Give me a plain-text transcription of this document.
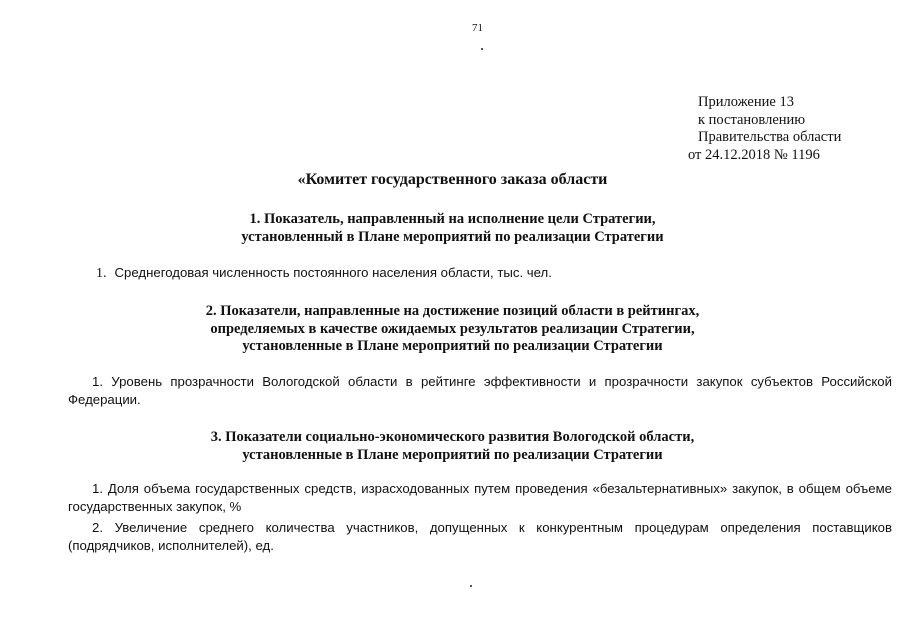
71
Приложение 13
к постановлению
Правительства области
от 24.12.2018 № 1196
«Комитет государственного заказа области
1. Показатель, направленный на исполнение цели Стратегии,
установленный в Плане мероприятий по реализации Стратегии
1. Среднегодовая численность постоянного населения области, тыс. чел.
2. Показатели, направленные на достижение позиций области в рейтингах,
определяемых в качестве ожидаемых результатов реализации Стратегии,
установленные в Плане мероприятий по реализации Стратегии
1. Уровень прозрачности Вологодской области в рейтинге эффективности и прозрачности закупок субъектов Российской Федерации.
3. Показатели социально-экономического развития Вологодской области,
установленные в Плане мероприятий по реализации Стратегии
1. Доля объема государственных средств, израсходованных путем проведения «безальтернативных» закупок, в общем объеме государственных закупок, %
2. Увеличение среднего количества участников, допущенных к конкурентным процедурам определения поставщиков (подрядчиков, исполнителей), ед.
